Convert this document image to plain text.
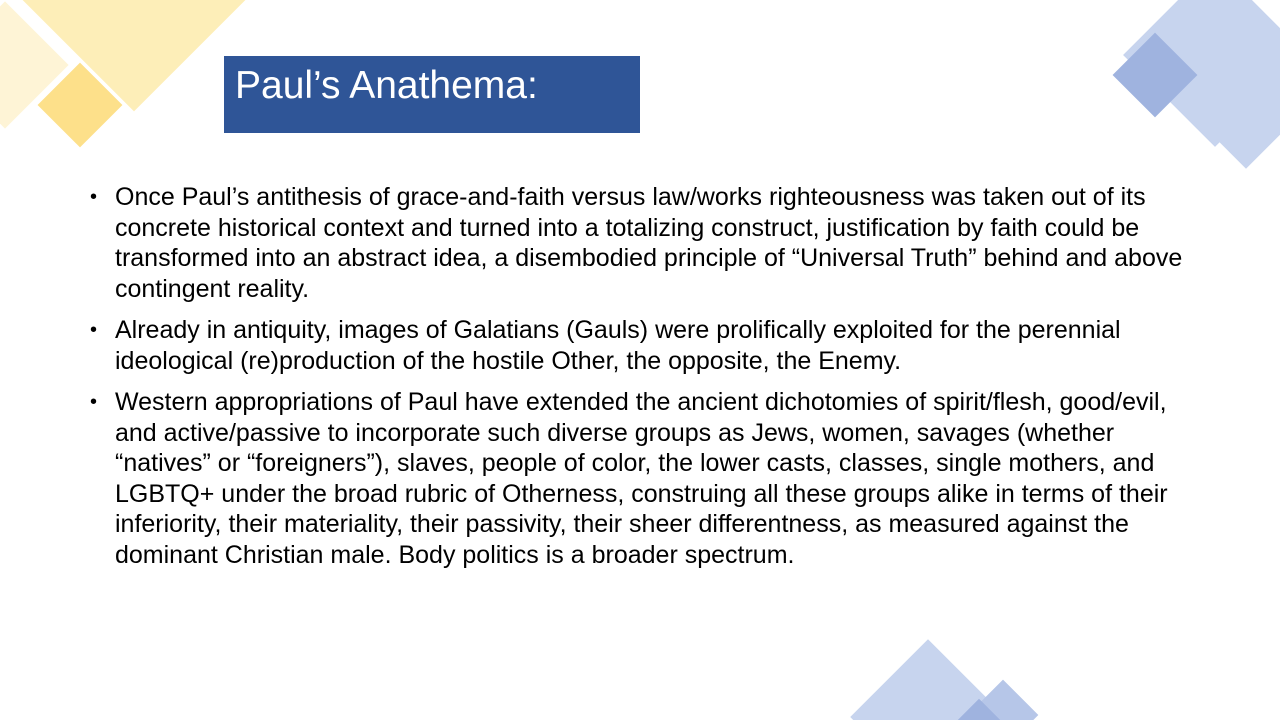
Paul’s Anathema:
• Once Paul’s antithesis of grace-and-faith versus law/works righteousness was taken out of its concrete historical context and turned into a totalizing construct, justification by faith could be transformed into an abstract idea, a disembodied principle of “Universal Truth” behind and above contingent reality.
• Already in antiquity, images of Galatians (Gauls) were prolifically exploited for the perennial ideological (re)production of the hostile Other, the opposite, the Enemy.
• Western appropriations of Paul have extended the ancient dichotomies of spirit/flesh, good/evil, and active/passive to incorporate such diverse groups as Jews, women, savages (whether “natives” or “foreigners”), slaves, people of color, the lower casts, classes, single mothers, and LGBTQ+ under the broad rubric of Otherness, construing all these groups alike in terms of their inferiority, their materiality, their passivity, their sheer differentness, as measured against the dominant Christian male. Body politics is a broader spectrum.
